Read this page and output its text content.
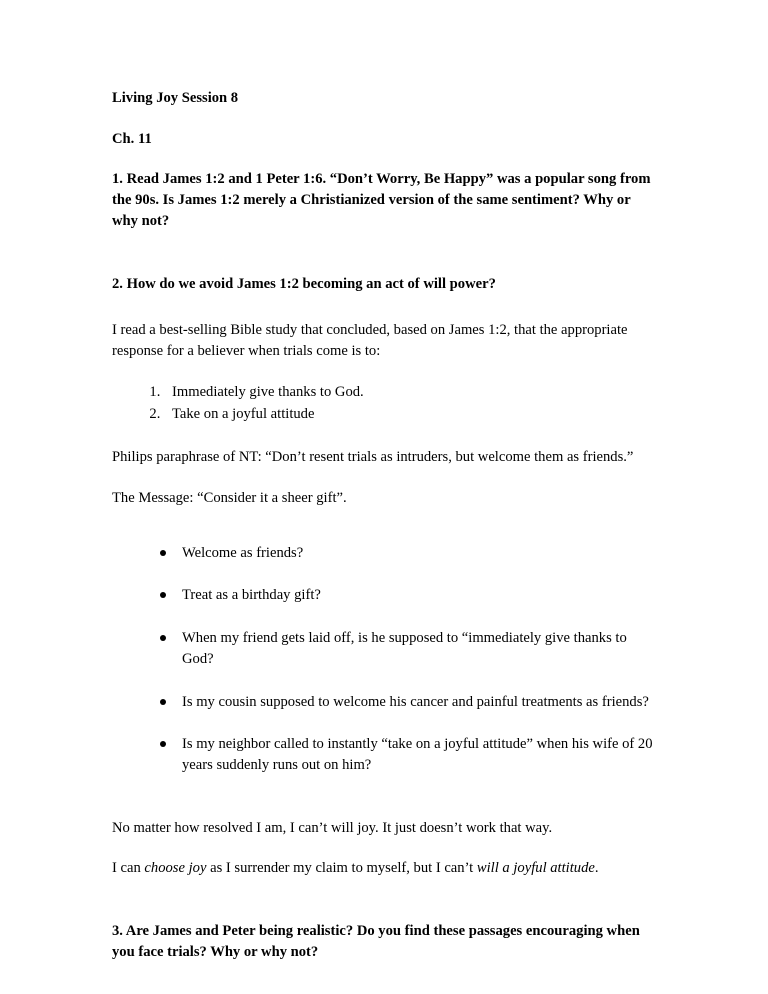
Living Joy Session 8

Ch. 11

1. Read James 1:2 and 1 Peter 1:6. “Don’t Worry, Be Happy” was a popular song from the 90s. Is James 1:2 merely a Christianized version of the same sentiment? Why or why not?

2. How do we avoid James 1:2 becoming an act of will power?

I read a best-selling Bible study that concluded, based on James 1:2, that the appropriate response for a believer when trials come is to:

1. Immediately give thanks to God.
2. Take on a joyful attitude

Philips paraphrase of NT: “Don’t resent trials as intruders, but welcome them as friends.”

The Message: “Consider it a sheer gift”.

Welcome as friends?
Treat as a birthday gift?
When my friend gets laid off, is he supposed to “immediately give thanks to God?
Is my cousin supposed to welcome his cancer and painful treatments as friends?
Is my neighbor called to instantly “take on a joyful attitude” when his wife of 20 years suddenly runs out on him?

No matter how resolved I am, I can’t will joy. It just doesn’t work that way.

I can choose joy as I surrender my claim to myself, but I can’t will a joyful attitude.

3. Are James and Peter being realistic? Do you find these passages encouraging when you face trials? Why or why not?
